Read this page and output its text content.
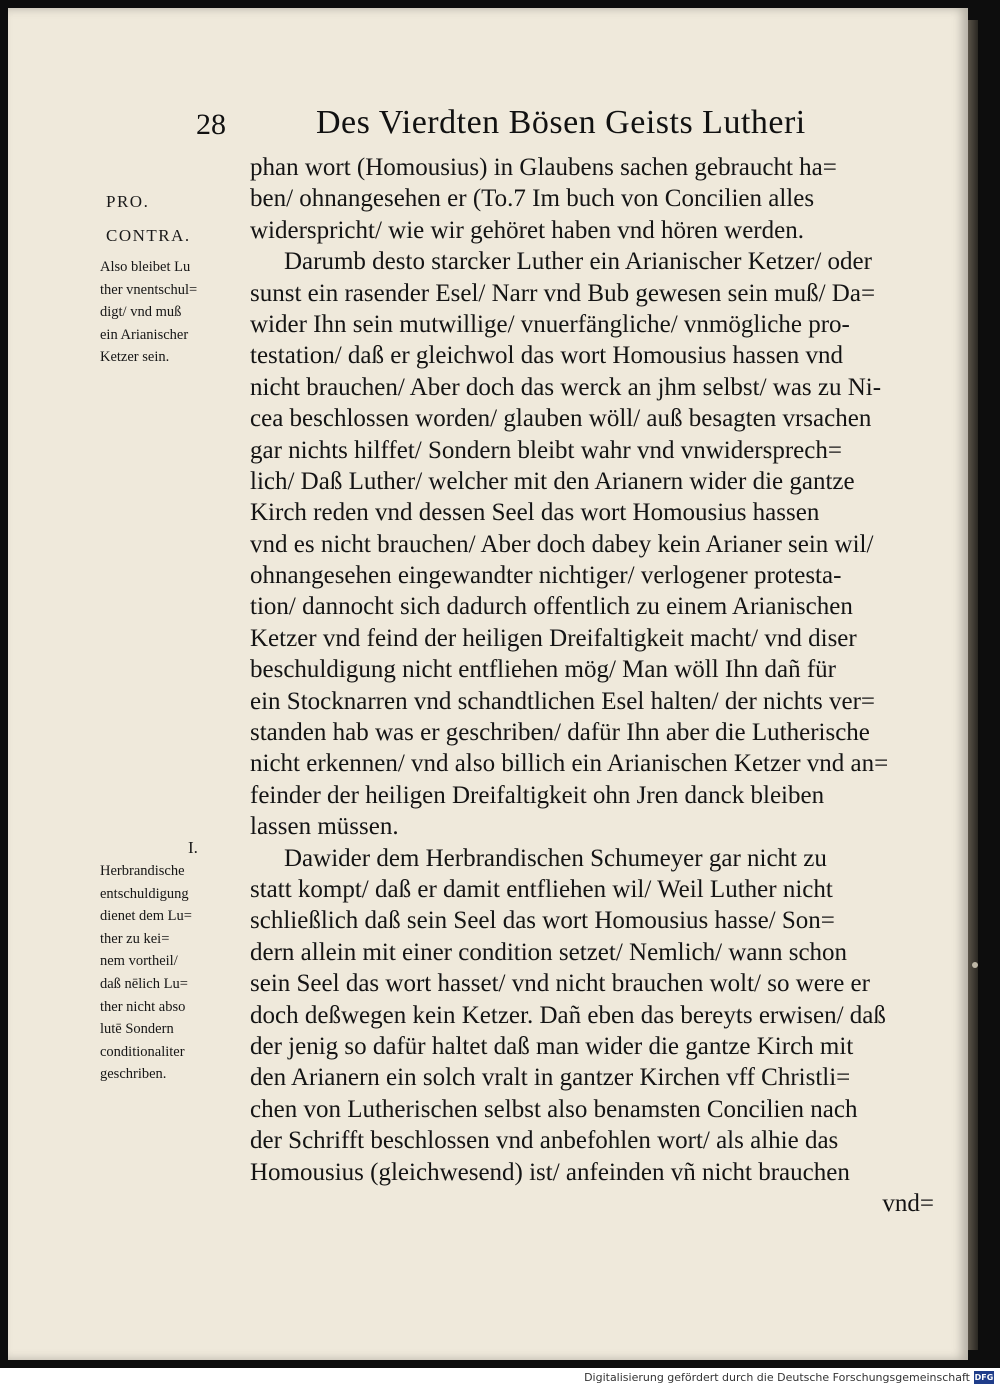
28	Des Vierdten Bösen Geists Lutheri
PRO.
CONTRA.
Also bleibet Lu
ther vnentschul=
digt/ vnd muß
ein Arianischer
Ketzer sein.
I.
Herbrandische
entschuldigung
dienet dem Lu=
ther zu kei=
nem vortheil/
daß nēlich Lu=
ther nicht abso
lutē Sondern
conditionaliter
geschriben.
phan wort (Homousius) in Glaubens sachen gebraucht ha=
ben/ ohnangesehen er (To.7 Im buch von Concilien alles
widerspricht/ wie wir gehöret haben vnd hören werden.
Darumb desto starcker Luther ein Arianischer Ketzer/ oder
sunst ein rasender Esel/ Narr vnd Bub gewesen sein muß/ Da=
wider Ihn sein mutwillige/ vnuerfängliche/ vnmögliche pro-
testation/ daß er gleichwol das wort Homousius hassen vnd
nicht brauchen/ Aber doch das werck an jhm selbst/ was zu Ni-
cea beschlossen worden/ glauben wöll/ auß besagten vrsachen
gar nichts hilffet/ Sondern bleibt wahr vnd vnwidersprech=
lich/ Daß Luther/ welcher mit den Arianern wider die gantze
Kirch reden vnd dessen Seel das wort Homousius hassen
vnd es nicht brauchen/ Aber doch dabey kein Arianer sein wil/
ohnangesehen eingewandter nichtiger/ verlogener protesta-
tion/ dannocht sich dadurch offentlich zu einem Arianischen
Ketzer vnd feind der heiligen Dreifaltigkeit macht/ vnd diser
beschuldigung nicht entfliehen mög/ Man wöll Ihn dañ für
ein Stocknarren vnd schandtlichen Esel halten/ der nichts ver=
standen hab was er geschriben/ dafür Ihn aber die Lutherische
nicht erkennen/ vnd also billich ein Arianischen Ketzer vnd an=
feinder der heiligen Dreifaltigkeit ohn Jren danck bleiben
lassen müssen.
Dawider dem Herbrandischen Schumeyer gar nicht zu
statt kompt/ daß er damit entfliehen wil/ Weil Luther nicht
schließlich daß sein Seel das wort Homousius hasse/ Son=
dern allein mit einer condition setzet/ Nemlich/ wann schon
sein Seel das wort hasset/ vnd nicht brauchen wolt/ so were er
doch deßwegen kein Ketzer. Dañ eben das bereyts erwisen/ daß
der jenig so dafür haltet daß man wider die gantze Kirch mit
den Arianern ein solch vralt in gantzer Kirchen vff Christli=
chen von Lutherischen selbst also benamsten Concilien nach
der Schrifft beschlossen vnd anbefohlen wort/ als alhie das
Homousius (gleichwesend) ist/ anfeinden vñ nicht brauchen
vnd=
Digitalisierung gefördert durch die Deutsche Forschungsgemeinschaft DFG
